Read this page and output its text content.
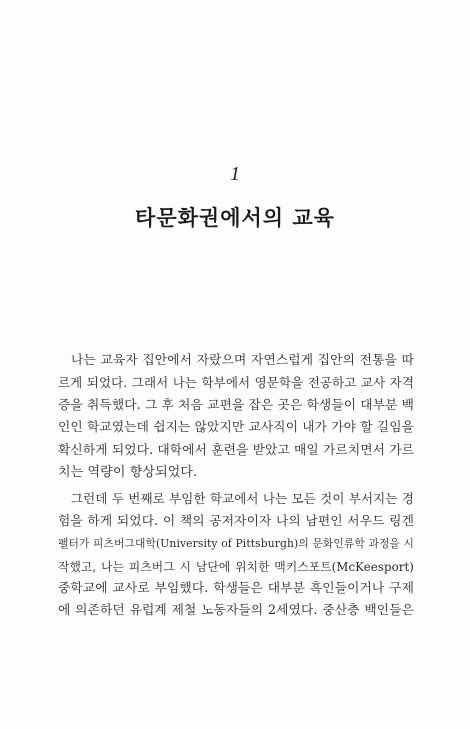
1
타문화권에서의 교육
나는 교육자 집안에서 자랐으며 자연스럽게 집안의 전통을 따
르게 되었다. 그래서 나는 학부에서 영문학을 전공하고 교사 자격
증을 취득했다. 그 후 처음 교편을 잡은 곳은 학생들이 대부분 백
인인 학교였는데 쉽지는 않았지만 교사직이 내가 가야 할 길임을
확신하게 되었다. 대학에서 훈련을 받았고 매일 가르치면서 가르
치는 역량이 향상되었다.
그런데 두 번째로 부임한 학교에서 나는 모든 것이 부서지는 경
험을 하게 되었다. 이 책의 공저자이자 나의 남편인 서우드 링겐
펠터가 피츠버그대학(University of Pittsburgh)의 문화인류학 과정을 시
작했고, 나는 피츠버그 시 남단에 위치한 맥키스포트(McKeesport)
중학교에 교사로 부임했다. 학생들은 대부분 흑인들이거나 구제
에 의존하던 유럽계 제철 노동자들의 2세였다. 중산층 백인들은
